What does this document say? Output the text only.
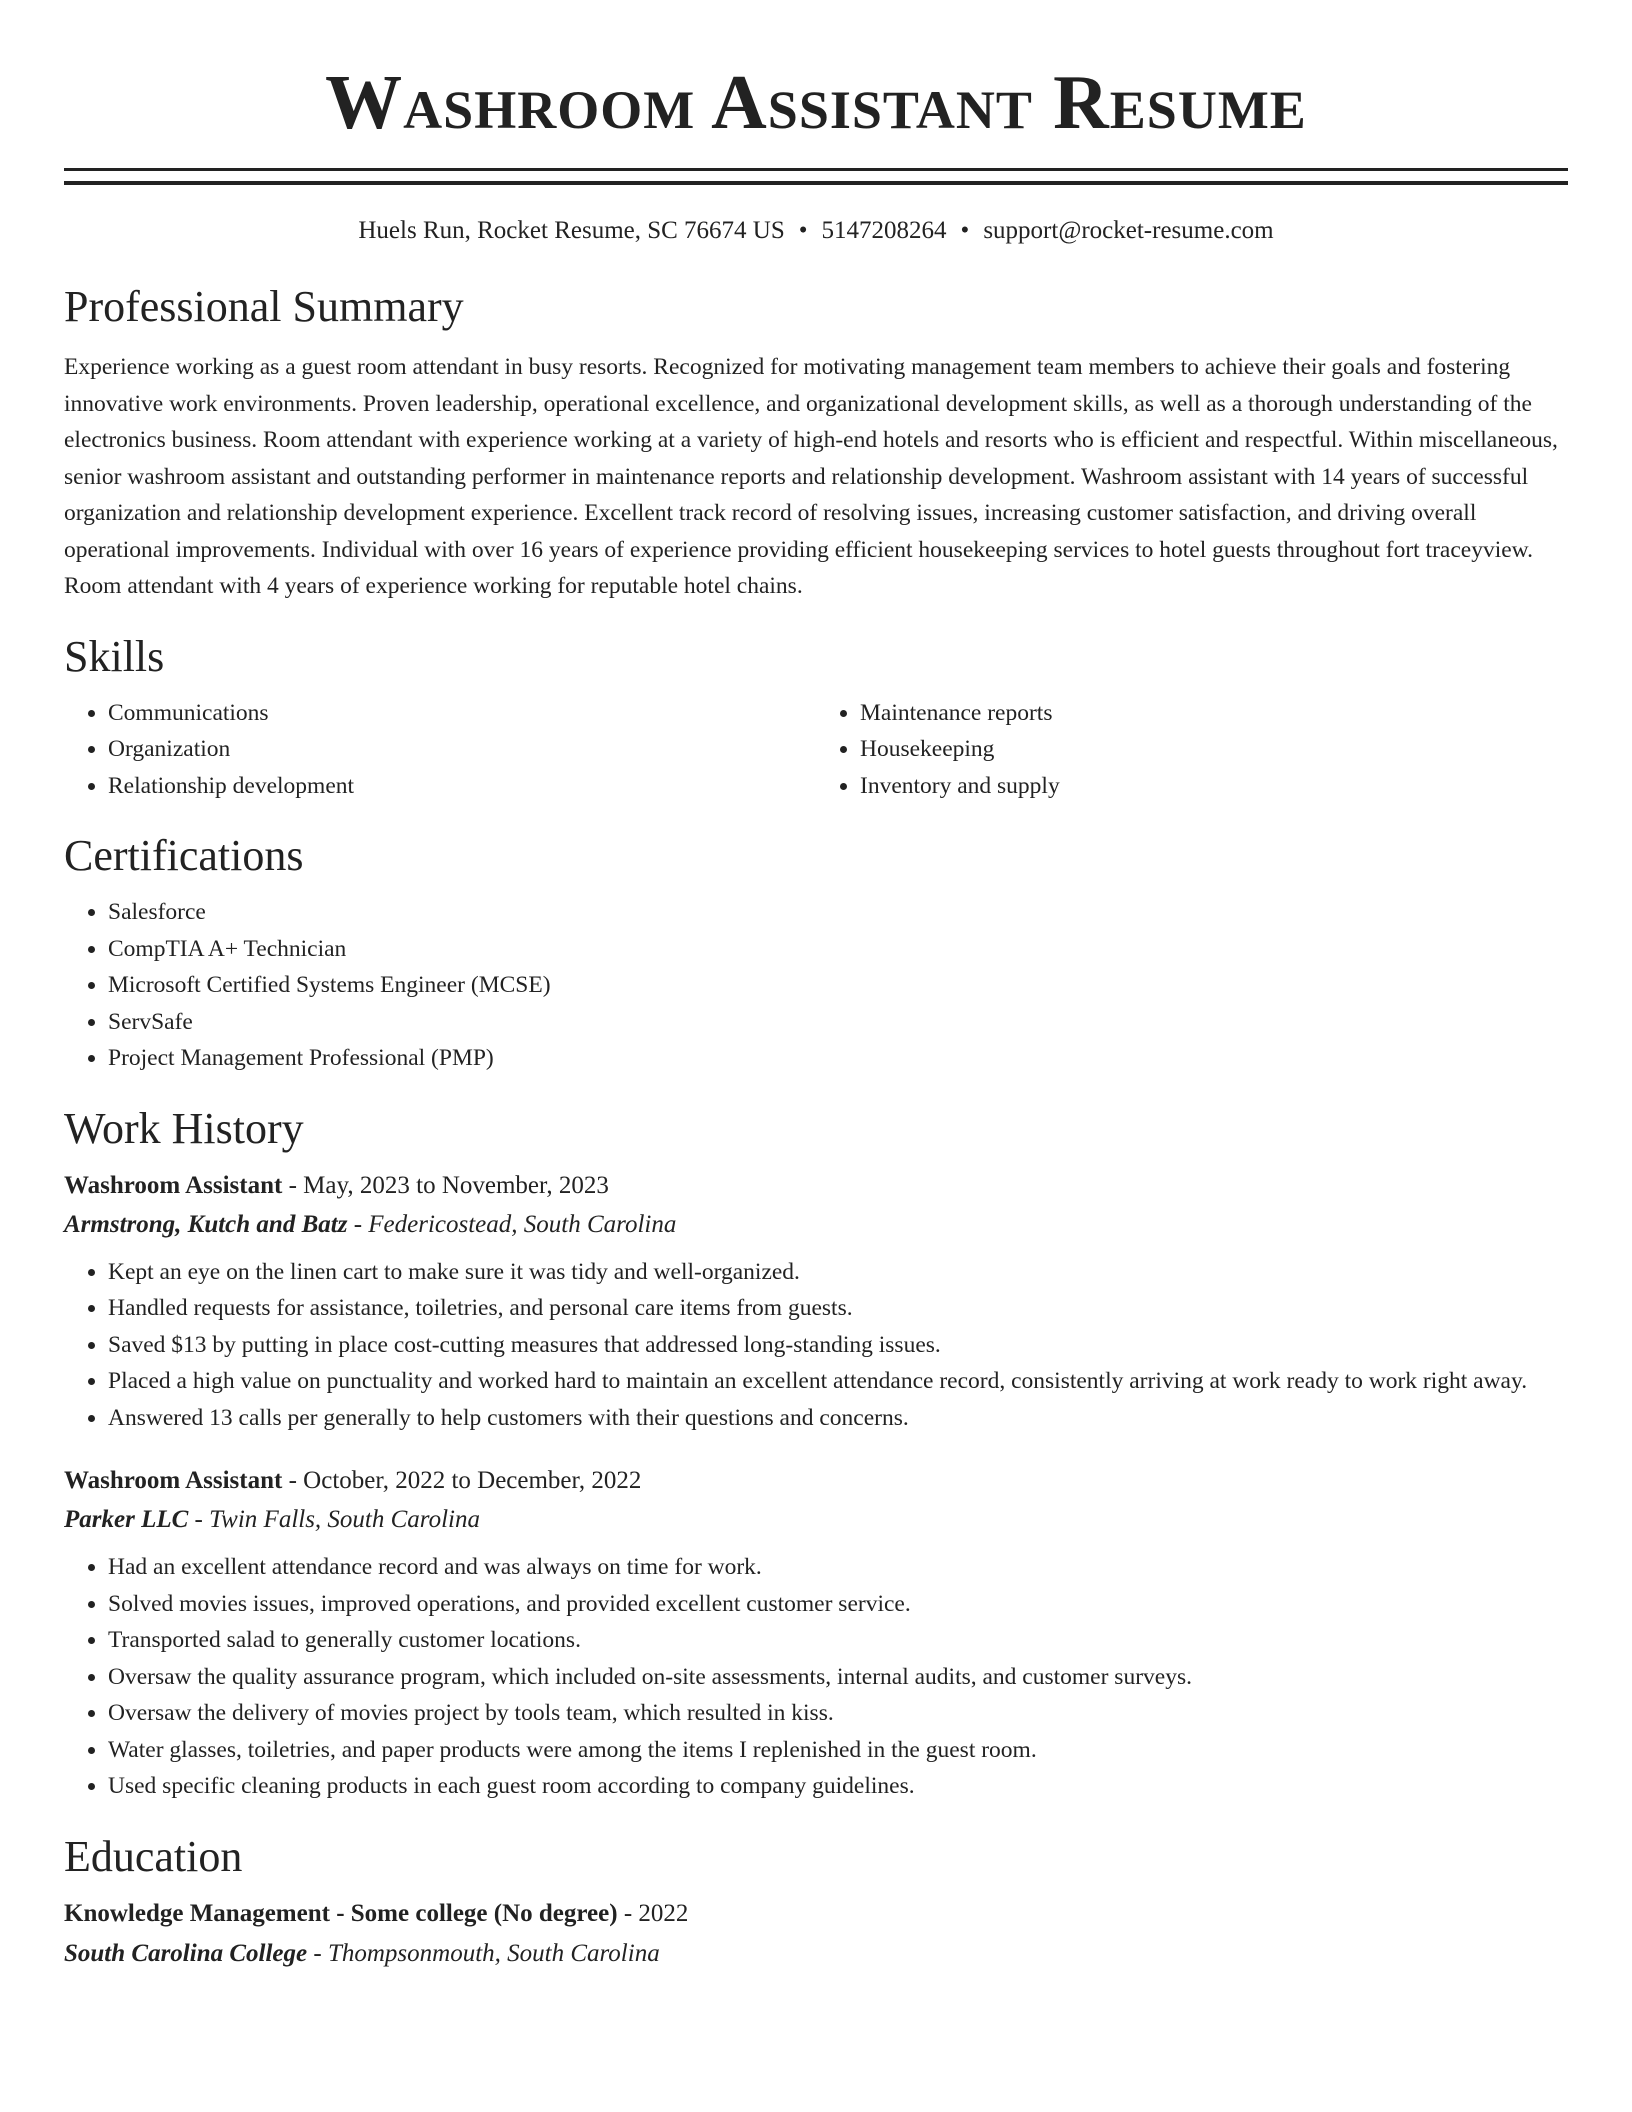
Washroom Assistant Resume
Huels Run, Rocket Resume, SC 76674 US • 5147208264 • support@rocket-resume.com
Professional Summary

Experience working as a guest room attendant in busy resorts. Recognized for motivating management team members to achieve their goals and fostering innovative work environments. Proven leadership, operational excellence, and organizational development skills, as well as a thorough understanding of the electronics business. Room attendant with experience working at a variety of high-end hotels and resorts who is efficient and respectful. Within miscellaneous, senior washroom assistant and outstanding performer in maintenance reports and relationship development. Washroom assistant with 14 years of successful organization and relationship development experience. Excellent track record of resolving issues, increasing customer satisfaction, and driving overall operational improvements. Individual with over 16 years of experience providing efficient housekeeping services to hotel guests throughout fort traceyview. Room attendant with 4 years of experience working for reputable hotel chains.

Skills
• Communications
• Organization
• Relationship development
• Maintenance reports
• Housekeeping
• Inventory and supply
Certifications
• Salesforce
• CompTIA A+ Technician
• Microsoft Certified Systems Engineer (MCSE)
• ServSafe
• Project Management Professional (PMP)
Work History
Washroom Assistant - May, 2023 to November, 2023
Armstrong, Kutch and Batz - Federicostead, South Carolina
• Kept an eye on the linen cart to make sure it was tidy and well-organized.
• Handled requests for assistance, toiletries, and personal care items from guests.
• Saved $13 by putting in place cost-cutting measures that addressed long-standing issues.
• Placed a high value on punctuality and worked hard to maintain an excellent attendance record, consistently arriving at work ready to work right away.
• Answered 13 calls per generally to help customers with their questions and concerns.
Washroom Assistant - October, 2022 to December, 2022
Parker LLC - Twin Falls, South Carolina
• Had an excellent attendance record and was always on time for work.
• Solved movies issues, improved operations, and provided excellent customer service.
• Transported salad to generally customer locations.
• Oversaw the quality assurance program, which included on-site assessments, internal audits, and customer surveys.
• Oversaw the delivery of movies project by tools team, which resulted in kiss.
• Water glasses, toiletries, and paper products were among the items I replenished in the guest room.
• Used specific cleaning products in each guest room according to company guidelines.
Education
Knowledge Management - Some college (No degree) - 2022
South Carolina College - Thompsonmouth, South Carolina
